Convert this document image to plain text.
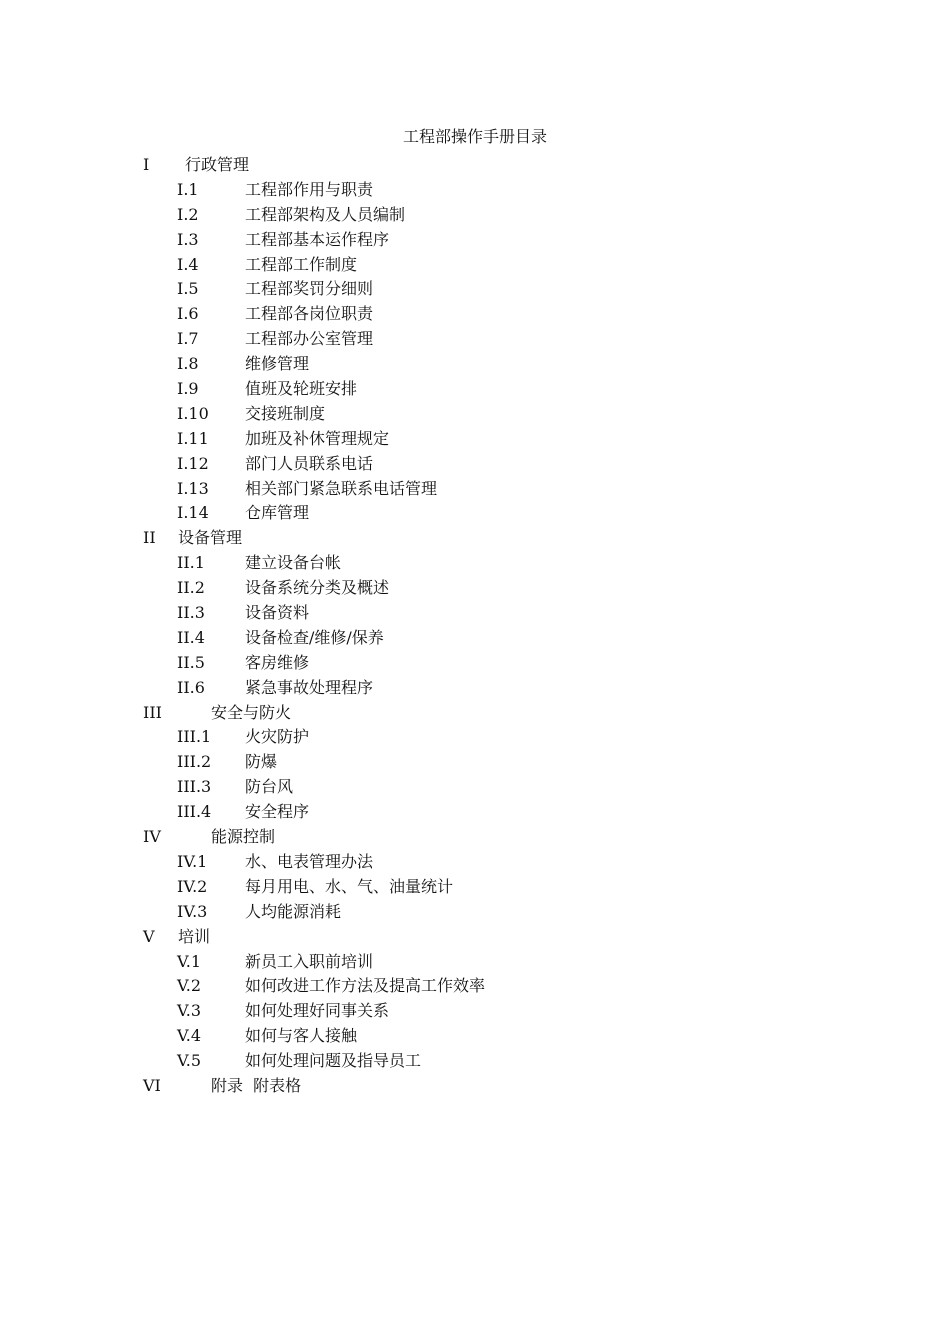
工程部操作手册目录
I 行政管理
I.1	工程部作用与职责
I.2	工程部架构及人员编制
I.3	工程部基本运作程序
I.4	工程部工作制度
I.5	工程部奖罚分细则
I.6	工程部各岗位职责
I.7	工程部办公室管理
I.8	维修管理
I.9	值班及轮班安排
I.10 交接班制度
I.11 加班及补休管理规定
I.12 部门人员联系电话
I.13 相关部门紧急联系电话管理
I.14 仓库管理
II 设备管理
II.1	建立设备台帐
II.2	设备系统分类及概述
II.3	设备资料
II.4	设备检查/维修/保养
II.5	客房维修
II.6	紧急事故处理程序
III	安全与防火
III.1 火灾防护
III.2 防爆
III.3 防台风
III.4 安全程序
IV	能源控制
IV.1 水、电表管理办法
IV.2 每月用电、水、气、油量统计
IV.3 人均能源消耗
V 培训
V.1	新员工入职前培训
V.2	如何改进工作方法及提高工作效率
V.3	如何处理好同事关系
V.4	如何与客人接触
V.5	如何处理问题及指导员工
VI	附录  附表格
